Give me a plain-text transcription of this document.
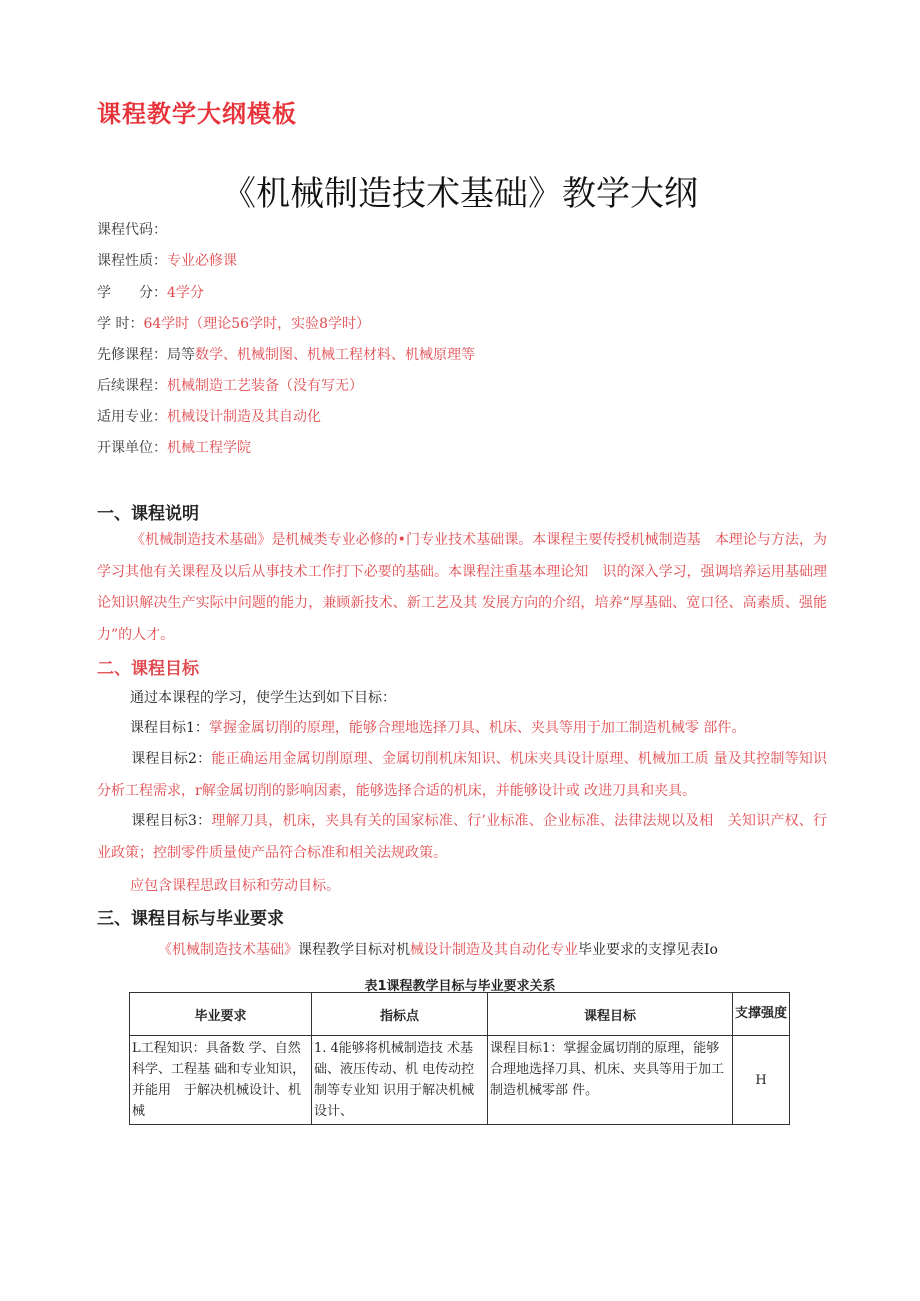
课程教学大纲模板
《机械制造技术基础》教学大纲
课程代码：
课程性质：专业必修课
学　　分：4学分
学 时：64学时（理论56学时，实验8学时）
先修课程：局等数学、机械制图、机械工程材料、机械原理等
后续课程：机械制造工艺装备（没有写无）
适用专业：机械设计制造及其自动化
开课单位：机械工程学院
一、课程说明
《机械制造技术基础》是机械类专业必修的•门专业技术基础课。本课程主要传授机械制造基　本理论与方法，为学习其他有关课程及以后从事技术工作打下必要的基础。本课程注重基本理论知　识的深入学习，强调培养运用基础理论知识解决生产实际中问题的能力，兼顾新技术、新工艺及其 发展方向的介绍，培养“厚基础、宽口径、高素质、强能力”的人才。
二、课程目标
通过本课程的学习，使学生达到如下目标：
课程目标1：掌握金属切削的原理，能够合理地选择刀具、机床、夹具等用于加工制造机械零 部件。
课程目标2：能正确运用金属切削原理、金属切削机床知识、机床夹具设计原理、机械加工质 量及其控制等知识分析工程需求，r解金属切削的影响因素，能够选择合适的机床，并能够设计或 改进刀具和夹具。
课程目标3：理解刀具，机床，夹具有关的国家标准、行’业标准、企业标准、法律法规以及相　关知识产权、行业政策；控制零件质量使产品符合标准和相关法规政策。
应包含课程思政目标和劳动目标。
三、课程目标与毕业要求
《机械制造技术基础》课程教学目标对机械设计制造及其自动化专业毕业要求的支撑见表Io
表1课程教学目标与毕业要求关系
毕业要求	指标点	课程目标	支撑强度
L工程知识：具备数 学、自然科学、工程基 础和专业知识，并能用　于解决机械设计、机械	1. 4能够将机械制造技 术基础、液压传动、机 电传动控制等专业知 识用于解决机械设计、	课程目标1：掌握金属切削的原理，能够合理地选择刀具、机床、夹具等用于加工制造机械零部 件。	H
